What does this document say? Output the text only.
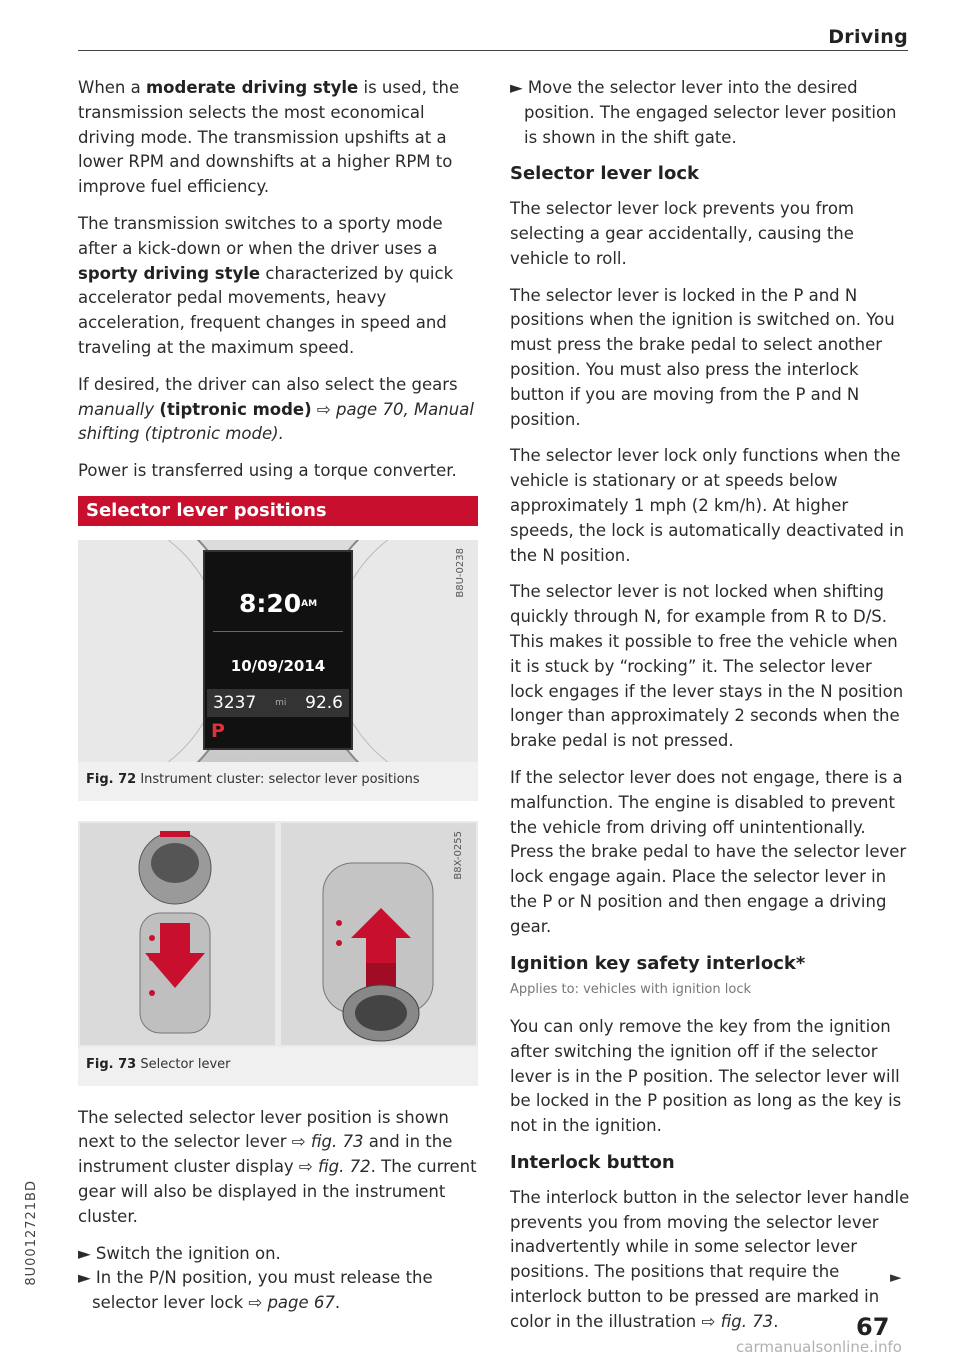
Driving

When a moderate driving style is used, the transmission selects the most economical driving mode. The transmission upshifts at a lower RPM and downshifts at a higher RPM to improve fuel efficiency.

The transmission switches to a sporty mode after a kick-down or when the driver uses a sporty driving style characterized by quick accelerator pedal movements, heavy acceleration, frequent changes in speed and traveling at the maximum speed.

If desired, the driver can also select the gears manually (tiptronic mode) ⇨ page 70, Manual shifting (tiptronic mode).

Power is transferred using a torque converter.

Selector lever positions
$8:20^{AM}$
10/09/2014
3237 mi 92.6
P
B8U-0238
Fig. 72 Instrument cluster: selector lever positions
B8X-0255
Fig. 73 Selector lever

The selected selector lever position is shown next to the selector lever ⇨ fig. 73 and in the instrument cluster display ⇨ fig. 72. The current gear will also be displayed in the instrument cluster.

► Switch the ignition on.

► In the P/N position, you must release the selector lever lock ⇨ page 67.

► Move the selector lever into the desired position. The engaged selector lever position is shown in the shift gate.

Selector lever lock

The selector lever lock prevents you from selecting a gear accidentally, causing the vehicle to roll.

The selector lever is locked in the P and N positions when the ignition is switched on. You must press the brake pedal to select another position. You must also press the interlock button if you are moving from the P and N position.

The selector lever lock only functions when the vehicle is stationary or at speeds below approximately 1 mph (2 km/h). At higher speeds, the lock is automatically deactivated in the N position.

The selector lever is not locked when shifting quickly through N, for example from R to D/S. This makes it possible to free the vehicle when it is stuck by “rocking” it. The selector lever lock engages if the lever stays in the N position longer than approximately 2 seconds when the brake pedal is not pressed.

If the selector lever does not engage, there is a malfunction. The engine is disabled to prevent the vehicle from driving off unintentionally. Press the brake pedal to have the selector lever lock engage again. Place the selector lever in the P or N position and then engage a driving gear.

Ignition key safety interlock*

Applies to: vehicles with ignition lock

You can only remove the key from the ignition after switching the ignition off if the selector lever is in the P position. The selector lever will be locked in the P position as long as the key is not in the ignition.

Interlock button

The interlock button in the selector lever handle prevents you from moving the selector lever inadvertently while in some selector lever positions. The positions that require the interlock button to be pressed are marked in color in the illustration ⇨ fig. 73.

►
67
8U0012721BD
carmanualsonline.info
